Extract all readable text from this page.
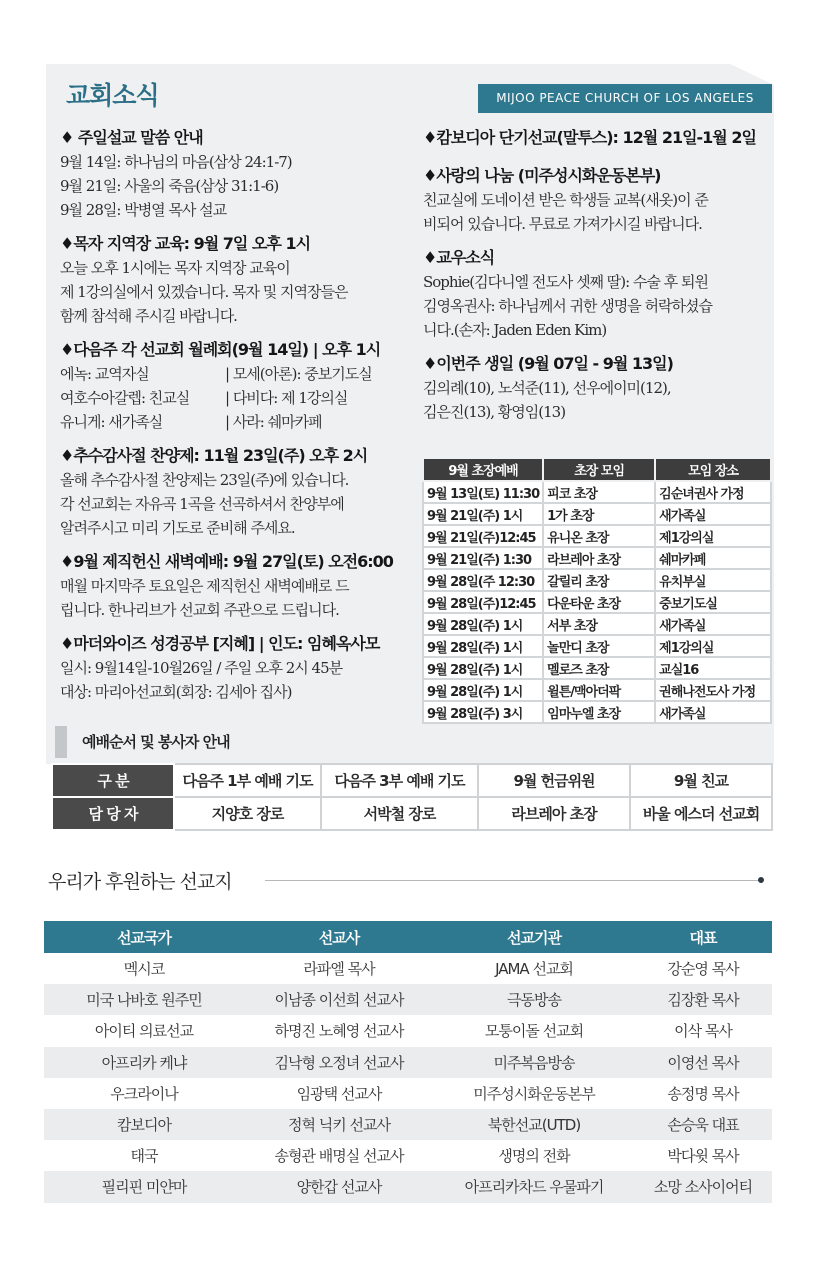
교회소식	MIJOO PEACE CHURCH OF LOS ANGELES
♦ 주일설교 말씀 안내
9월 14일: 하나님의 마음(삼상 24:1-7)
9월 21일: 사울의 죽음(삼상 31:1-6)
9월 28일: 박병열 목사 설교
♦목자 지역장 교육: 9월 7일 오후 1시
오늘 오후 1시에는 목자 지역장 교육이
제 1강의실에서 있겠습니다. 목자 및 지역장들은
함께 참석해 주시길 바랍니다.
♦다음주 각 선교회 월례회(9월 14일) | 오후 1시
에녹: 교역자실	| 모세(아론): 중보기도실
여호수아갈렙: 친교실	| 다비다: 제 1강의실
유니게: 새가족실	| 사라: 쉐마카페
♦추수감사절 찬양제: 11월 23일(주) 오후 2시
올해 추수감사절 찬양제는 23일(주)에 있습니다.
각 선교회는 자유곡 1곡을 선곡하셔서 찬양부에
알려주시고 미리 기도로 준비해 주세요.
♦9월 제직헌신 새벽예배: 9월 27일(토) 오전6:00
매월 마지막주 토요일은 제직헌신 새벽예배로 드
립니다. 한나리브가 선교회 주관으로 드립니다.
♦마더와이즈 성경공부 [지혜] | 인도: 임혜옥사모
일시: 9월14일-10월26일 / 주일 오후 2시 45분
대상: 마리아선교회(회장: 김세아 집사)
♦캄보디아 단기선교(말투스): 12월 21일-1월 2일
♦사랑의 나눔 (미주성시화운동본부)
친교실에 도네이션 받은 학생들 교복(새옷)이 준
비되어 있습니다. 무료로 가져가시길 바랍니다.
♦교우소식
Sophie(김다니엘 전도사 셋째 딸): 수술 후 퇴원
김영옥권사: 하나님께서 귀한 생명을 허락하셨습
니다.(손자: Jaden Eden Kim)
♦이번주 생일 (9월 07일 - 9월 13일)
김의례(10), 노석준(11), 선우에이미(12),
김은진(13), 황영임(13)
9월 초장예배	초장 모임	모임 장소
9월 13일(토) 11:30	피코 초장	김순녀권사 가정
9월 21일(주) 1시	1가 초장	새가족실
9월 21일(주)12:45	유니온 초장	제1강의실
9월 21일(주) 1:30	라브레아 초장	쉐마카페
9월 28일(주 12:30	갈릴리 초장	유치부실
9월 28일(주)12:45	다운타운 초장	중보기도실
9월 28일(주) 1시	서부 초장	새가족실
9월 28일(주) 1시	놀만디 초장	제1강의실
9월 28일(주) 1시	멜로즈 초장	교실16
9월 28일(주) 1시	윌튼/맥아더팍	권해나전도사 가정
9월 28일(주) 3시	임마누엘 초장	새가족실
예배순서 및 봉사자 안내
구 분	다음주 1부 예배 기도	다음주 3부 예배 기도	9월 헌금위원	9월 친교
담 당 자	지양호 장로	서박철 장로	라브레아 초장	바울 에스더 선교회
우리가 후원하는 선교지
선교국가	선교사	선교기관	대표
멕시코	라파엘 목사	JAMA 선교회	강순영 목사
미국 나바호 원주민	이남종 이선희 선교사	극동방송	김장환 목사
아이티 의료선교	하명진 노혜영 선교사	모퉁이돌 선교회	이삭 목사
아프리카 케냐	김낙형 오정녀 선교사	미주복음방송	이영선 목사
우크라이나	임광택 선교사	미주성시화운동본부	송정명 목사
캄보디아	정혁 닉키 선교사	북한선교(UTD)	손승욱 대표
태국	송형관 배명실 선교사	생명의 전화	박다윗 목사
필리핀 미얀마	양한갑 선교사	아프리카차드 우물파기	소망 소사이어티
